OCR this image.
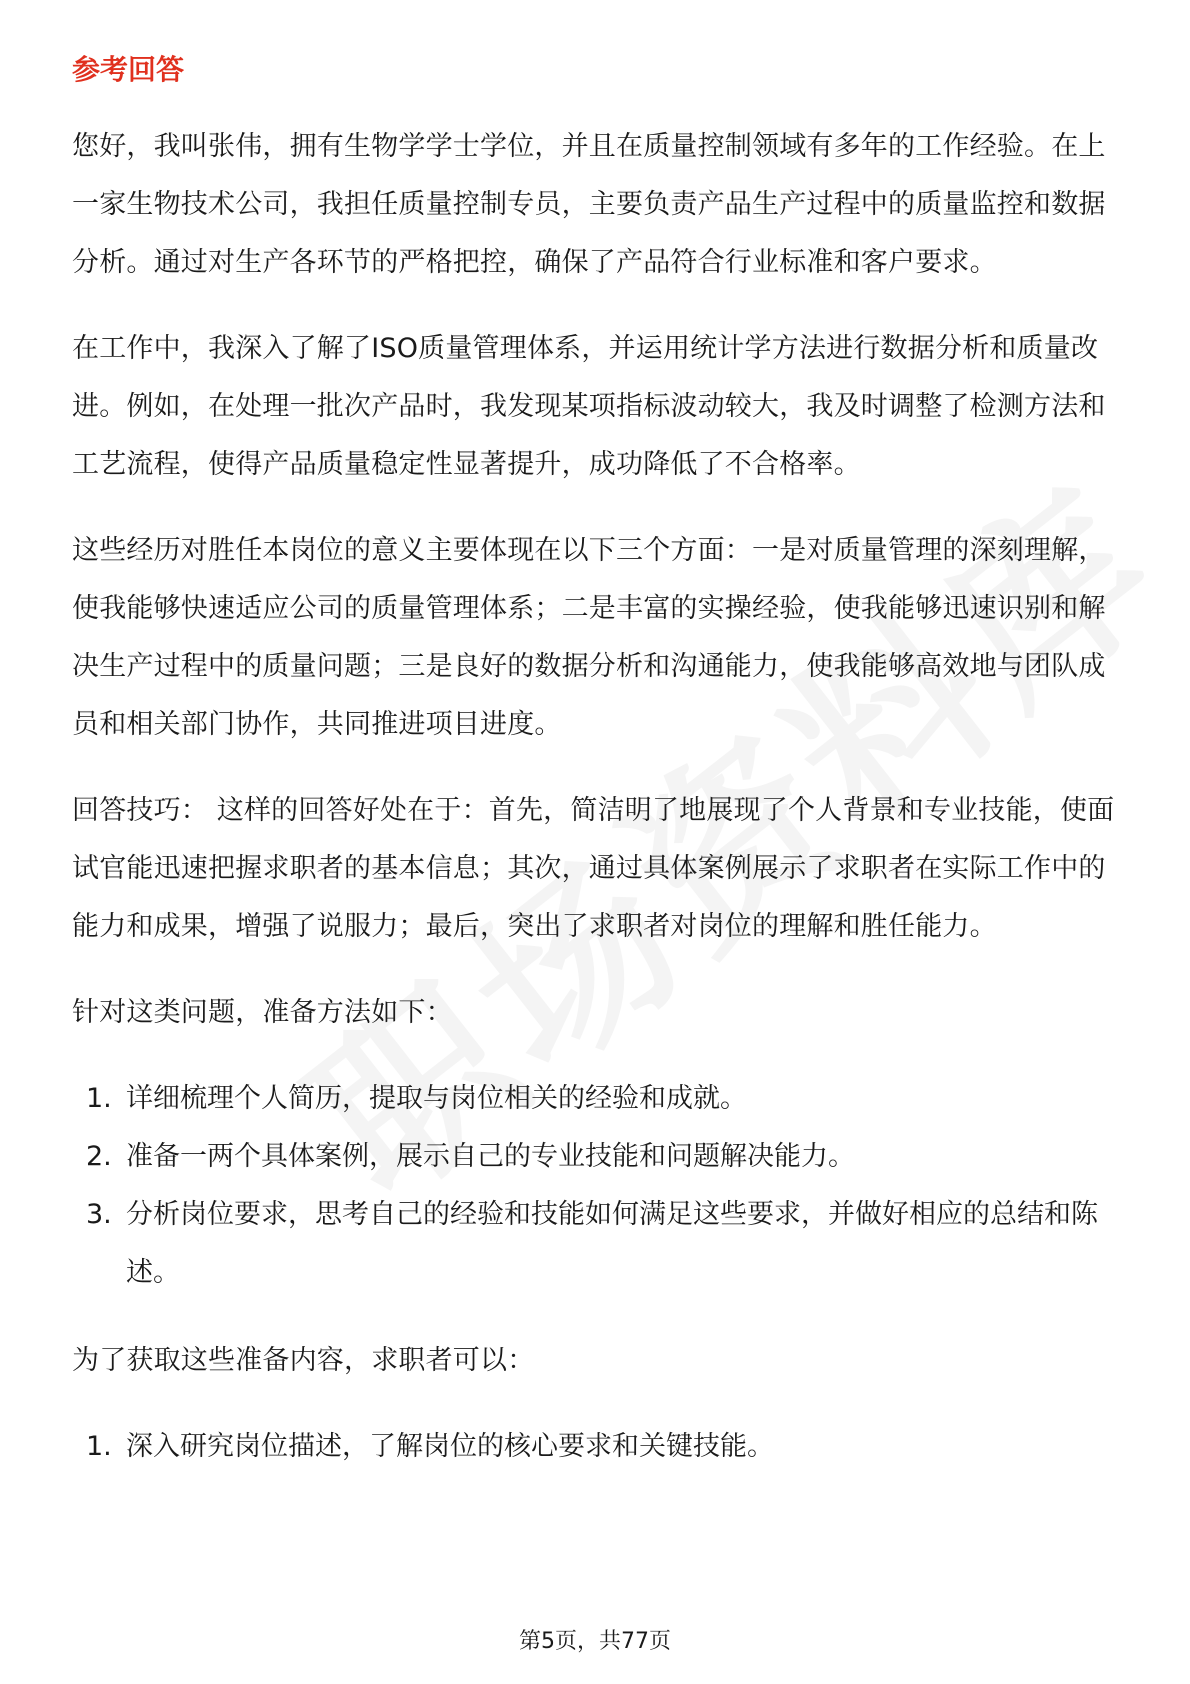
参考回答

您好，我叫张伟，拥有生物学学士学位，并且在质量控制领域有多年的工作经验。在上一家生物技术公司，我担任质量控制专员，主要负责产品生产过程中的质量监控和数据分析。通过对生产各环节的严格把控，确保了产品符合行业标准和客户要求。

在工作中，我深入了解了ISO质量管理体系，并运用统计学方法进行数据分析和质量改进。例如，在处理一批次产品时，我发现某项指标波动较大，我及时调整了检测方法和工艺流程，使得产品质量稳定性显著提升，成功降低了不合格率。

这些经历对胜任本岗位的意义主要体现在以下三个方面：一是对质量管理的深刻理解，使我能够快速适应公司的质量管理体系；二是丰富的实操经验，使我能够迅速识别和解决生产过程中的质量问题；三是良好的数据分析和沟通能力，使我能够高效地与团队成员和相关部门协作，共同推进项目进度。

回答技巧： 这样的回答好处在于：首先，简洁明了地展现了个人背景和专业技能，使面试官能迅速把握求职者的基本信息；其次，通过具体案例展示了求职者在实际工作中的能力和成果，增强了说服力；最后，突出了求职者对岗位的理解和胜任能力。

针对这类问题，准备方法如下：

1. 详细梳理个人简历，提取与岗位相关的经验和成就。
2. 准备一两个具体案例，展示自己的专业技能和问题解决能力。
3. 分析岗位要求，思考自己的经验和技能如何满足这些要求，并做好相应的总结和陈述。

为了获取这些准备内容，求职者可以：

1. 深入研究岗位描述，了解岗位的核心要求和关键技能。
第5页，共77页
